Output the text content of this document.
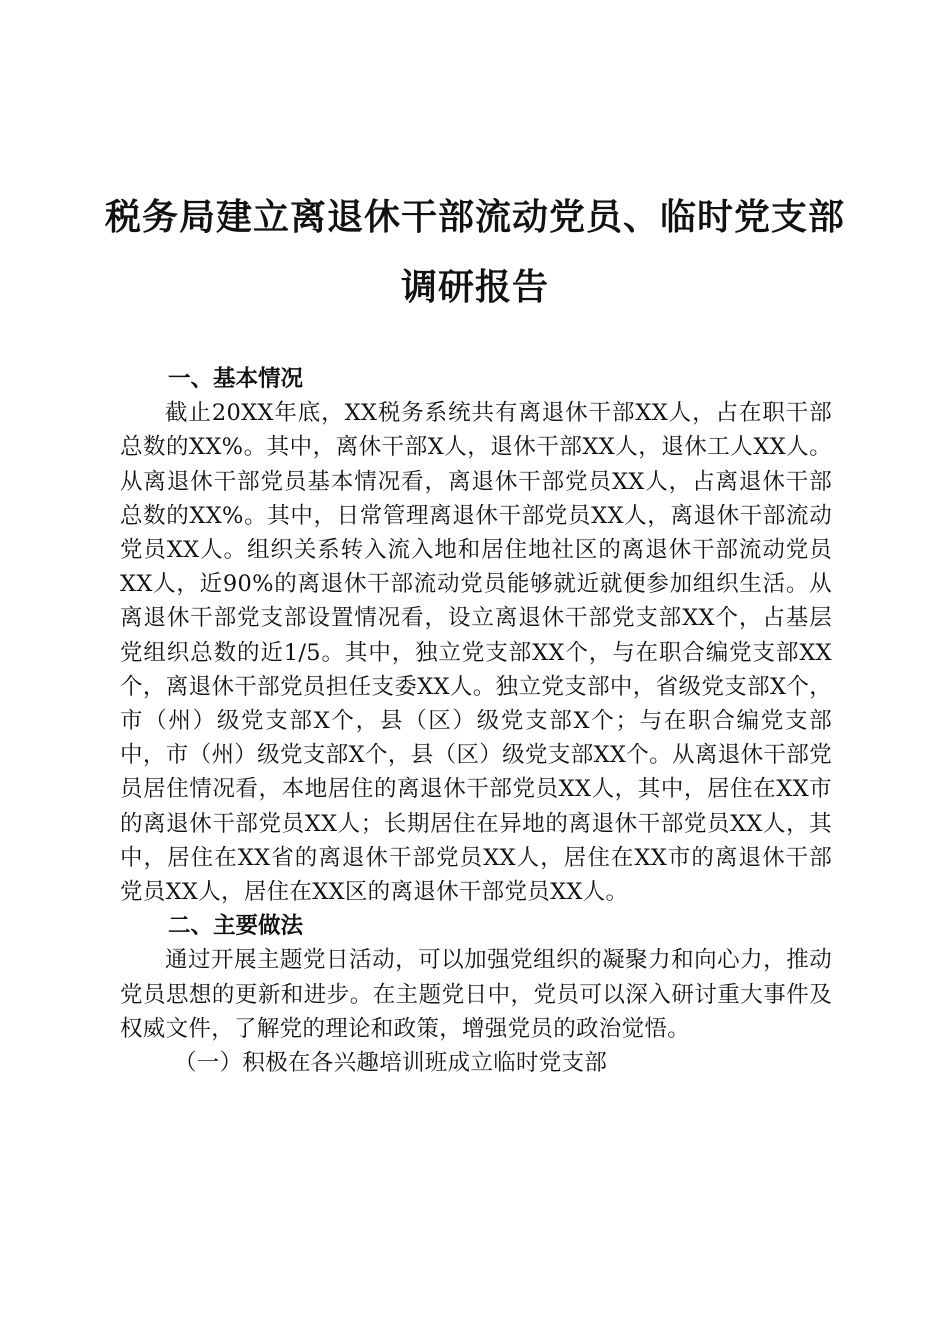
税务局建立离退休干部流动党员、临时党支部
调研报告
一、基本情况

截止20XX年底，XX税务系统共有离退休干部XX人，占在职干部总数的XX%。其中，离休干部X人，退休干部XX人，退休工人XX人。从离退休干部党员基本情况看，离退休干部党员XX人，占离退休干部总数的XX%。其中，日常管理离退休干部党员XX人，离退休干部流动党员XX人。组织关系转入流入地和居住地社区的离退休干部流动党员XX人，近90%的离退休干部流动党员能够就近就便参加组织生活。从离退休干部党支部设置情况看，设立离退休干部党支部XX个，占基层党组织总数的近1/5。其中，独立党支部XX个，与在职合编党支部XX个，离退休干部党员担任支委XX人。独立党支部中，省级党支部X个，市（州）级党支部X个，县（区）级党支部X个；与在职合编党支部中，市（州）级党支部X个，县（区）级党支部XX个。从离退休干部党员居住情况看，本地居住的离退休干部党员XX人，其中，居住在XX市的离退休干部党员XX人；长期居住在异地的离退休干部党员XX人，其中，居住在XX省的离退休干部党员XX人，居住在XX市的离退休干部党员XX人，居住在XX区的离退休干部党员XX人。

二、主要做法

通过开展主题党日活动，可以加强党组织的凝聚力和向心力，推动党员思想的更新和进步。在主题党日中，党员可以深入研讨重大事件及权威文件，了解党的理论和政策，增强党员的政治觉悟。

（一）积极在各兴趣培训班成立临时党支部
